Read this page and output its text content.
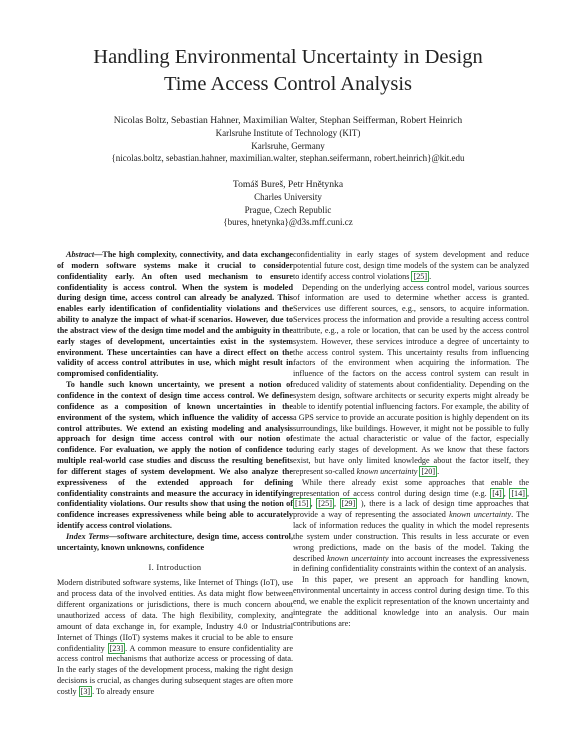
Handling Environmental Uncertainty in Design
Time Access Control Analysis
Nicolas Boltz, Sebastian Hahner, Maximilian Walter, Stephan Seifferman, Robert Heinrich
Karlsruhe Institute of Technology (KIT)
Karlsruhe, Germany
{nicolas.boltz, sebastian.hahner, maximilian.walter, stephan.seifermann, robert.heinrich}@kit.edu
Tomáš Bureš, Petr Hnětynka
Charles University
Prague, Czech Republic
{bures, hnetynka}@d3s.mff.cuni.cz

Abstract—The high complexity, connectivity, and data exchange of modern software systems make it crucial to consider confidentiality early. An often used mechanism to ensure confidentiality is access control. When the system is modeled during design time, access control can already be analyzed. This enables early identification of confidentiality violations and the ability to analyze the impact of what-if scenarios. However, due to the abstract view of the design time model and the ambiguity in the early stages of development, uncertainties exist in the system environment. These uncertainties can have a direct effect on the validity of access control attributes in use, which might result in compromised confidentiality.

To handle such known uncertainty, we present a notion of confidence in the context of design time access control. We define confidence as a composition of known uncertainties in the environment of the system, which influence the validity of access control attributes. We extend an existing modeling and analysis approach for design time access control with our notion of confidence. For evaluation, we apply the notion of confidence to multiple real-world case studies and discuss the resulting benefits for different stages of system development. We also analyze the expressiveness of the extended approach for defining confidentiality constraints and measure the accuracy in identifying confidentiality violations. Our results show that using the notion of confidence increases expressiveness while being able to accurately identify access control violations.

Index Terms—software architecture, design time, access control, uncertainty, known unknowns, confidence

I. Introduction

Modern distributed software systems, like Internet of Things (IoT), use and process data of the involved entities. As data might flow between different organizations or jurisdictions, there is much concern about unauthorized access of data. The high flexibility, complexity, and amount of data exchange in, for example, Industry 4.0 or Industrial Internet of Things (IIoT) systems makes it crucial to be able to ensure confidentiality [23] . A common measure to ensure confidentiality are access control mechanisms that authorize access or processing of data. In the early stages of the development process, making the right design decisions is crucial, as changes during subsequent stages are often more costly [3] . To already ensure

confidentiality in early stages of system development and reduce potential future cost, design time models of the system can be analyzed to identify access control violations [25] .

Depending on the underlying access control model, various sources of information are used to determine whether access is granted. Services use different sources, e.g., sensors, to acquire information. Services process the information and provide a resulting access control attribute, e.g., a role or location, that can be used by the access control system. However, these services introduce a degree of uncertainty to the access control system. This uncertainty results from influencing factors of the environment when acquiring the information. The influence of the factors on the access control system can result in reduced validity of statements about confidentiality. Depending on the system design, software architects or security experts might already be able to identify potential influencing factors. For example, the ability of a GPS service to provide an accurate position is highly dependent on its surroundings, like buildings. However, it might not be possible to fully estimate the actual characteristic or value of the factor, especially during early stages of development. As we know that these factors exist, but have only limited knowledge about the factor itself, they represent so-called known uncertainty [20] .

While there already exist some approaches that enable the representation of access control during design time (e.g. [4] , [14] , [15] , [25] , [29] ), there is a lack of design time approaches that provide a way of representing the associated known uncertainty. The lack of information reduces the quality in which the model represents the system under construction. This results in less accurate or even wrong predictions, made on the basis of the model. Taking the described known uncertainty into account increases the expressiveness in defining confidentiality constraints within the context of an analysis.

In this paper, we present an approach for handling known, environmental uncertainty in access control during design time. To this end, we enable the explicit representation of the known uncertainty and integrate the additional knowledge into an analysis. Our main contributions are:
